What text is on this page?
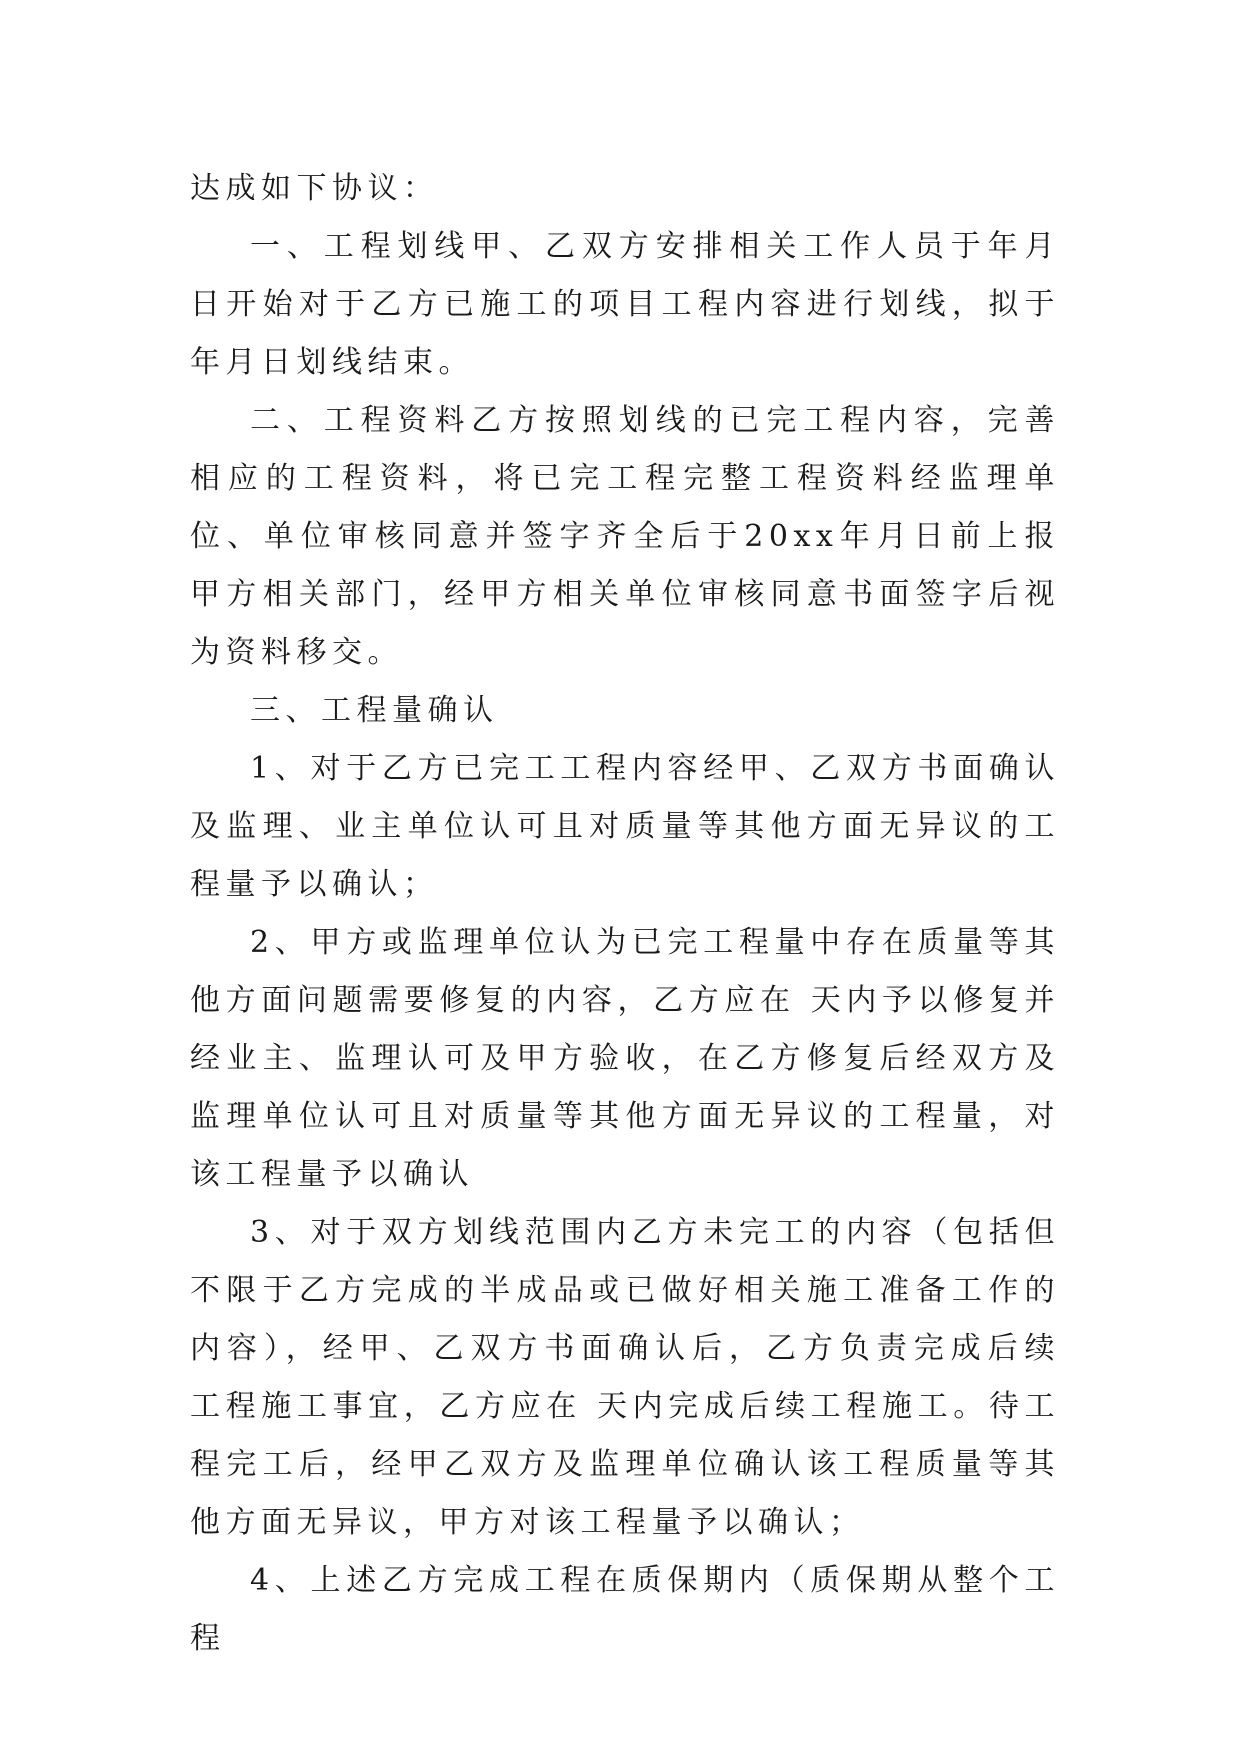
达成如下协议：

一、工程划线甲、乙双方安排相关工作人员于年月日开始对于乙方已施工的项目工程内容进行划线，拟于年月日划线结束。

二、工程资料乙方按照划线的已完工程内容，完善相应的工程资料，将已完工程完整工程资料经监理单位、单位审核同意并签字齐全后于20xx年月日前上报甲方相关部门，经甲方相关单位审核同意书面签字后视为资料移交。

三、工程量确认

1、对于乙方已完工工程内容经甲、乙双方书面确认及监理、业主单位认可且对质量等其他方面无异议的工程量予以确认；

2、甲方或监理单位认为已完工程量中存在质量等其他方面问题需要修复的内容，乙方应在 天内予以修复并经业主、监理认可及甲方验收，在乙方修复后经双方及监理单位认可且对质量等其他方面无异议的工程量，对该工程量予以确认

3、对于双方划线范围内乙方未完工的内容（包括但不限于乙方完成的半成品或已做好相关施工准备工作的内容），经甲、乙双方书面确认后，乙方负责完成后续工程施工事宜，乙方应在 天内完成后续工程施工。待工程完工后，经甲乙双方及监理单位确认该工程质量等其他方面无异议，甲方对该工程量予以确认；

4、上述乙方完成工程在质保期内（质保期从整个工程
